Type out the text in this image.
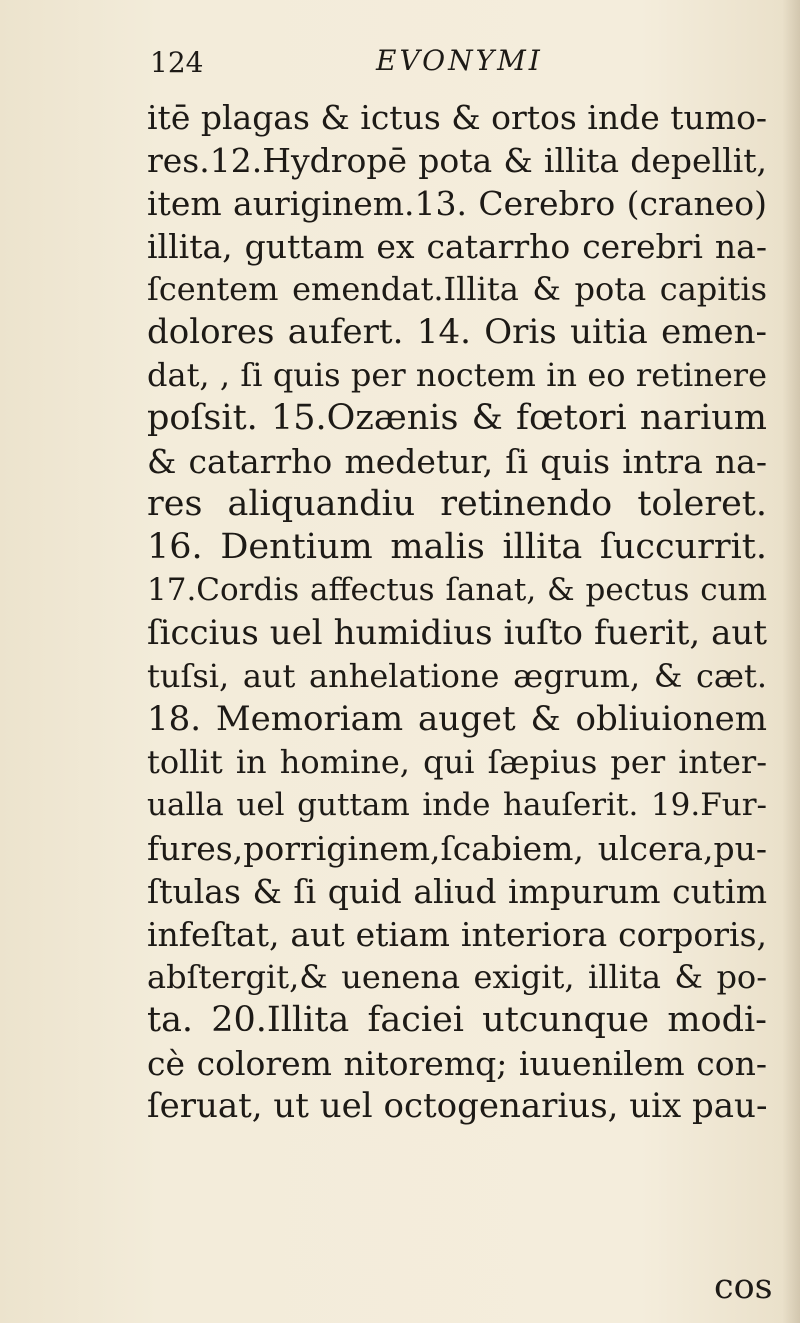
124	EVONYMI
itē plagas & ictus & ortos inde tumo-
res.12.Hydropē pota & illita depellit,
item auriginem.13. Cerebro (craneo)
illita, guttam ex catarrho cerebri na-
ſcentem emendat.Illita & pota capitis
dolores aufert. 14. Oris uitia emen-
dat, , ſi quis per noctem in eo retinere
poſsit. 15.Ozænis & fœtori narium
& catarrho medetur, ſi quis intra na-
res aliquandiu retinendo toleret.
16. Dentium malis illita ſuccurrit.
17.Cordis affectus ſanat, & pectus cum
ſiccius uel humidius iuſto fuerit, aut
tuſsi, aut anhelatione ægrum, & cæt.
18. Memoriam auget & obliuionem
tollit in homine, qui ſæpius per inter-
ualla uel guttam inde hauſerit. 19.Fur-
fures,porriginem,ſcabiem, ulcera,pu-
ſtulas & ſi quid aliud impurum cutim
infeſtat, aut etiam interiora corporis,
abſtergit,& uenena exigit, illita & po-
ta. 20.Illita faciei utcunque modi-
cè colorem nitoremq; iuuenilem con-
ſeruat, ut uel octogenarius, uix pau-
cos
